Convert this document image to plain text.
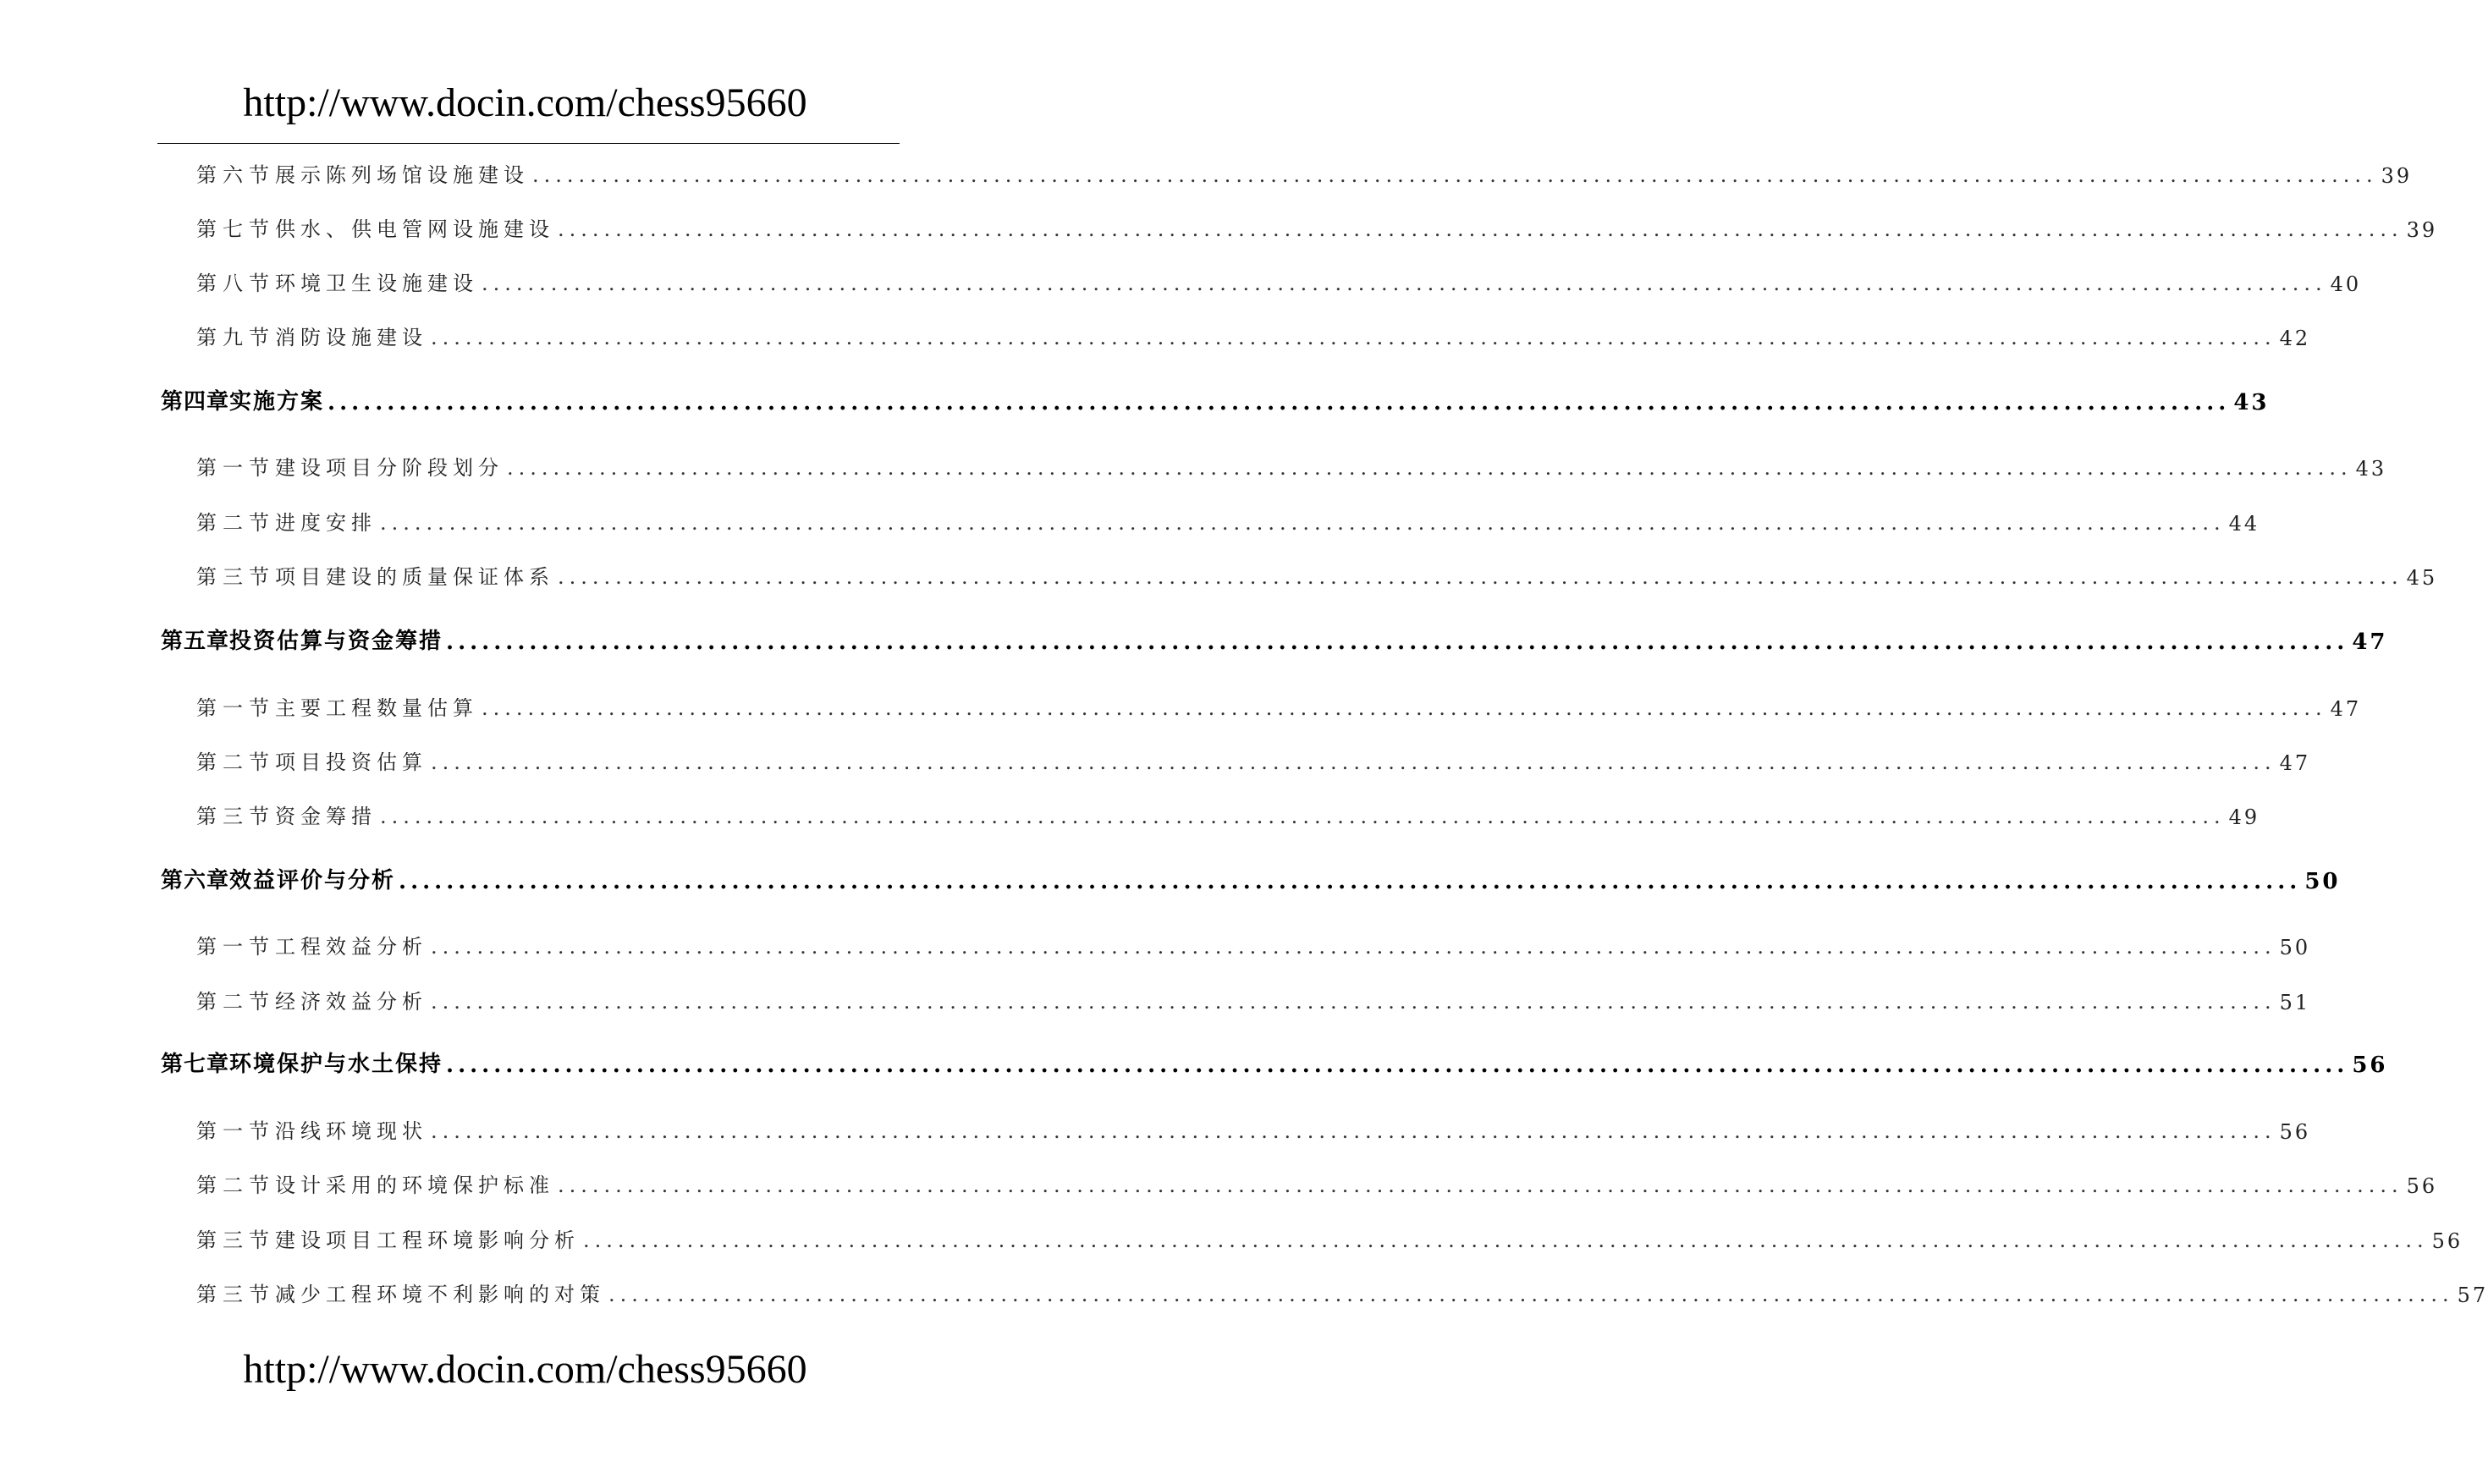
http://www.docin.com/chess95660
第六节 展示陈列场馆设施建设 ................................................................................................................................................................ 39
第七节 供水、供电管网设施建设 ................................................................................................................................................................ 39
第八节 环境卫生设施建设 ................................................................................................................................................................ 40
第九节 消防设施建设 ................................................................................................................................................................ 42
第四章 实施方案 ................................................................................................................................................................ 43
第一节 建设项目分阶段划分 ................................................................................................................................................................ 43
第二节 进度安排 ................................................................................................................................................................ 44
第三节 项目建设的质量保证体系 ................................................................................................................................................................ 45
第五章 投资估算与资金筹措 ................................................................................................................................................................ 47
第一节 主要工程数量估算 ................................................................................................................................................................ 47
第二节 项目投资估算 ................................................................................................................................................................ 47
第三节 资金筹措 ................................................................................................................................................................ 49
第六章 效益评价与分析 ................................................................................................................................................................ 50
第一节 工程效益分析 ................................................................................................................................................................ 50
第二节 经济效益分析 ................................................................................................................................................................ 51
第七章 环境保护与水土保持 ................................................................................................................................................................ 56
第一节 沿线环境现状 ................................................................................................................................................................ 56
第二节 设计采用的环境保护标准 ................................................................................................................................................................ 56
第三节 建设项目工程环境影响分析 ................................................................................................................................................................ 56
第三节 减少工程环境不利影响的对策 ................................................................................................................................................................ 57
http://www.docin.com/chess95660
